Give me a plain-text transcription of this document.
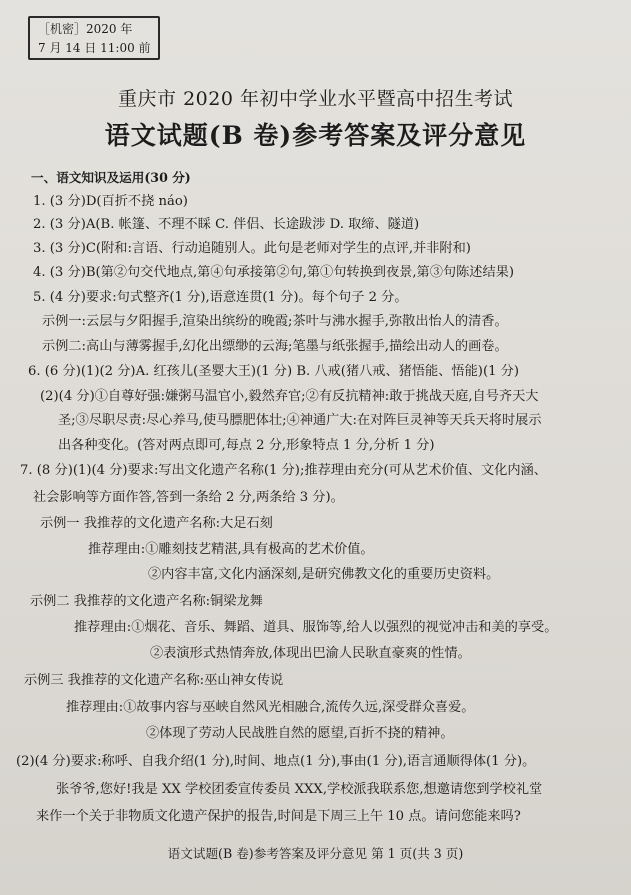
［机密］2020 年
7 月 14 日 11:00 前
重庆市 2020 年初中学业水平暨高中招生考试
语文试题(B 卷)参考答案及评分意见
一、语文知识及运用(30 分)
1. (3 分)D(百折不挠 náo)
2. (3 分)A(B. 帐篷、不理不睬 C. 伴侣、长途跋涉 D. 取缔、隧道)
3. (3 分)C(附和:言语、行动追随别人。此句是老师对学生的点评,并非附和)
4. (3 分)B(第②句交代地点,第④句承接第②句,第①句转换到夜景,第③句陈述结果)
5. (4 分)要求:句式整齐(1 分),语意连贯(1 分)。每个句子 2 分。
示例一:云层与夕阳握手,渲染出缤纷的晚霞;茶叶与沸水握手,弥散出怡人的清香。
示例二:高山与薄雾握手,幻化出缥缈的云海;笔墨与纸张握手,描绘出动人的画卷。
6. (6 分)(1)(2 分)A. 红孩儿(圣婴大王)(1 分) B. 八戒(猪八戒、猪悟能、悟能)(1 分)
(2)(4 分)①自尊好强:嫌粥马温官小,毅然弃官;②有反抗精神:敢于挑战天庭,自号齐天大
圣;③尽职尽责:尽心养马,使马膘肥体壮;④神通广大:在对阵巨灵神等天兵天将时展示
出各种变化。(答对两点即可,每点 2 分,形象特点 1 分,分析 1 分)
7. (8 分)(1)(4 分)要求:写出文化遗产名称(1 分);推荐理由充分(可从艺术价值、文化内涵、
社会影响等方面作答,答到一条给 2 分,两条给 3 分)。
示例一 我推荐的文化遗产名称:大足石刻
推荐理由:①雕刻技艺精湛,具有极高的艺术价值。
②内容丰富,文化内涵深刻,是研究佛教文化的重要历史资料。
示例二 我推荐的文化遗产名称:铜梁龙舞
推荐理由:①烟花、音乐、舞蹈、道具、服饰等,给人以强烈的视觉冲击和美的享受。
②表演形式热情奔放,体现出巴渝人民耿直豪爽的性情。
示例三 我推荐的文化遗产名称:巫山神女传说
推荐理由:①故事内容与巫峡自然风光相融合,流传久远,深受群众喜爱。
②体现了劳动人民战胜自然的愿望,百折不挠的精神。
(2)(4 分)要求:称呼、自我介绍(1 分),时间、地点(1 分),事由(1 分),语言通顺得体(1 分)。
张爷爷,您好!我是 XX 学校团委宣传委员 XXX,学校派我联系您,想邀请您到学校礼堂
来作一个关于非物质文化遗产保护的报告,时间是下周三上午 10 点。请问您能来吗?
语文试题(B 卷)参考答案及评分意见 第 1 页(共 3 页)
